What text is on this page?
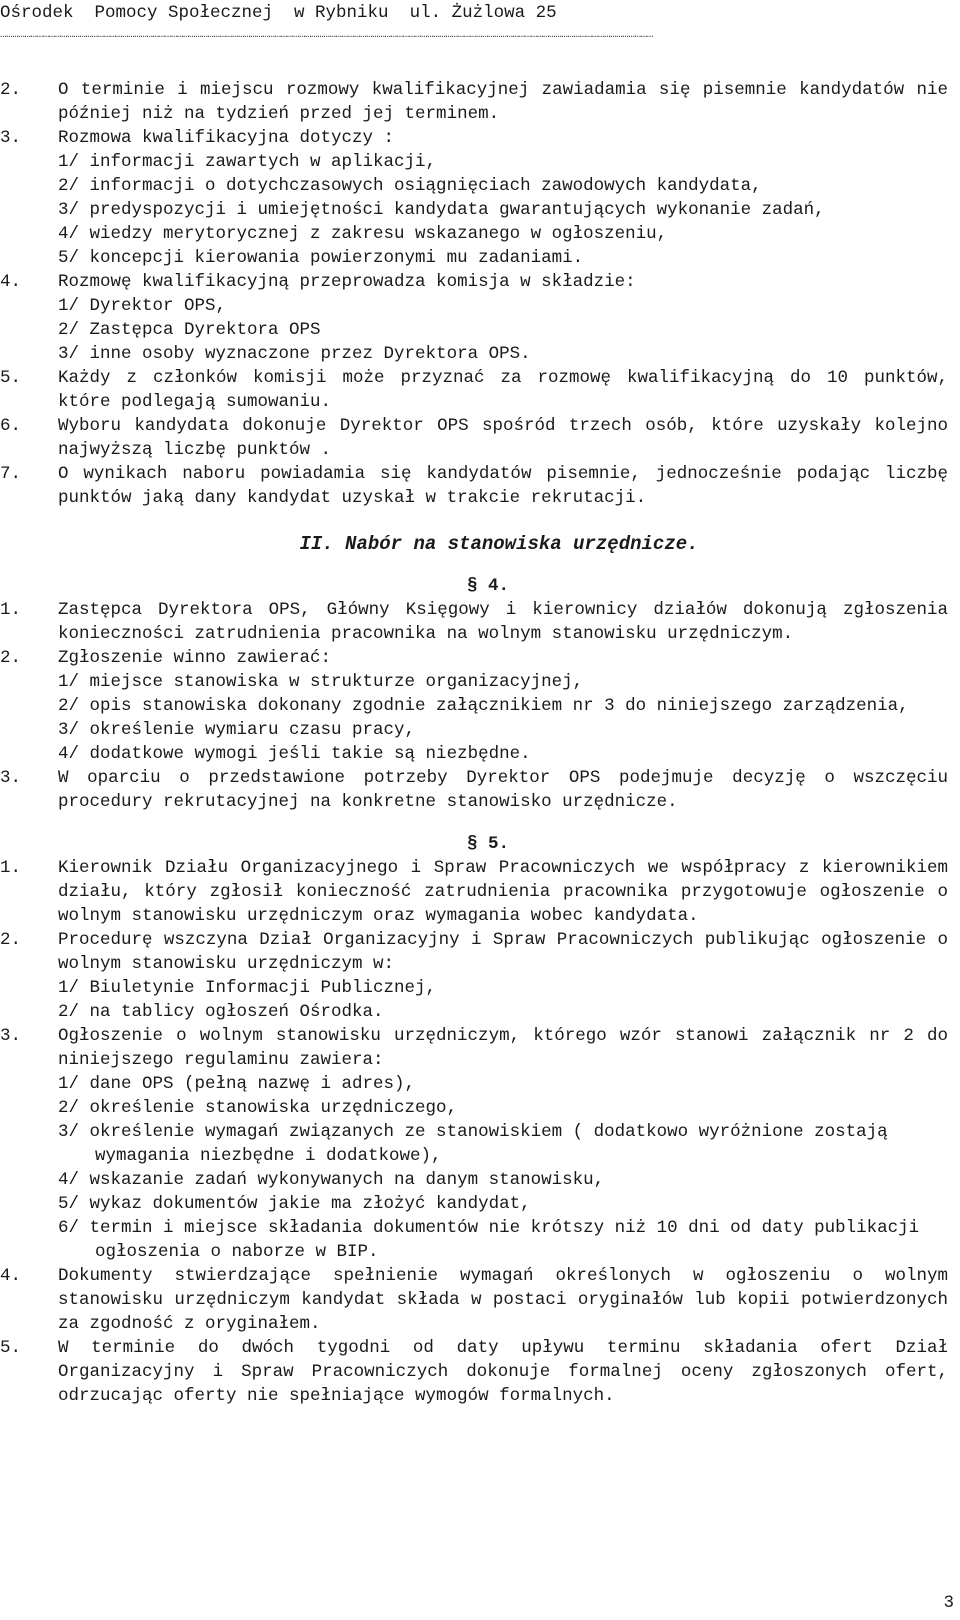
Ośrodek  Pomocy Społecznej  w Rybniku  ul. Żużlowa 25
……………………………………………………………………………………………………………………………………………………………………………………………………………………………………………………………………………………………
2. O terminie i miejscu rozmowy kwalifikacyjnej zawiadamia się pisemnie kandydatów nie później niż na tydzień przed jej terminem.
3. Rozmowa kwalifikacyjna dotyczy :
1/ informacji zawartych w aplikacji,
2/ informacji o dotychczasowych osiągnięciach zawodowych kandydata,
3/ predyspozycji i umiejętności kandydata gwarantujących wykonanie zadań,
4/ wiedzy merytorycznej z zakresu wskazanego w ogłoszeniu,
5/ koncepcji kierowania powierzonymi mu zadaniami.
4. Rozmowę kwalifikacyjną przeprowadza komisja w składzie:
1/ Dyrektor OPS,
2/ Zastępca Dyrektora OPS
3/ inne osoby wyznaczone przez Dyrektora OPS.
5. Każdy z członków komisji może przyznać za rozmowę kwalifikacyjną do 10 punktów, które podlegają sumowaniu.
6. Wyboru kandydata dokonuje Dyrektor OPS spośród trzech osób, które uzyskały kolejno najwyższą liczbę punktów .
7. O wynikach naboru powiadamia się kandydatów pisemnie, jednocześnie podając liczbę punktów jaką dany kandydat uzyskał w trakcie rekrutacji.
II. Nabór na stanowiska urzędnicze.
§ 4.
1. Zastępca Dyrektora OPS, Główny Księgowy i kierownicy działów dokonują zgłoszenia konieczności zatrudnienia pracownika na wolnym stanowisku urzędniczym.
2. Zgłoszenie winno zawierać:
1/ miejsce stanowiska w strukturze organizacyjnej,
2/ opis stanowiska dokonany zgodnie załącznikiem nr 3 do niniejszego zarządzenia,
3/ określenie wymiaru czasu pracy,
4/ dodatkowe wymogi jeśli takie są niezbędne.
3. W oparciu o przedstawione potrzeby Dyrektor OPS podejmuje decyzję o wszczęciu procedury rekrutacyjnej na konkretne stanowisko urzędnicze.
§ 5.
1. Kierownik Działu Organizacyjnego i Spraw Pracowniczych we współpracy z kierownikiem działu, który zgłosił konieczność zatrudnienia pracownika przygotowuje ogłoszenie o wolnym stanowisku urzędniczym oraz wymagania wobec kandydata.
2. Procedurę wszczyna Dział Organizacyjny i Spraw Pracowniczych publikując ogłoszenie o wolnym stanowisku urzędniczym w:
1/ Biuletynie Informacji Publicznej,
2/ na tablicy ogłoszeń Ośrodka.
3. Ogłoszenie o wolnym stanowisku urzędniczym, którego wzór stanowi załącznik nr 2 do niniejszego regulaminu zawiera:
1/ dane OPS (pełną nazwę i adres),
2/ określenie stanowiska urzędniczego,
3/ określenie wymagań związanych ze stanowiskiem ( dodatkowo wyróżnione zostają wymagania niezbędne i dodatkowe),
4/ wskazanie zadań wykonywanych na danym stanowisku,
5/ wykaz dokumentów jakie ma złożyć kandydat,
6/ termin i miejsce składania dokumentów nie krótszy niż 10 dni od daty publikacji ogłoszenia o naborze w BIP.
4. Dokumenty stwierdzające spełnienie wymagań określonych w ogłoszeniu o wolnym stanowisku urzędniczym kandydat składa w postaci oryginałów lub kopii potwierdzonych za zgodność z oryginałem.
5. W terminie do dwóch tygodni od daty upływu terminu składania ofert Dział Organizacyjny i Spraw Pracowniczych dokonuje formalnej oceny zgłoszonych ofert, odrzucając oferty nie spełniające wymogów formalnych.
3
